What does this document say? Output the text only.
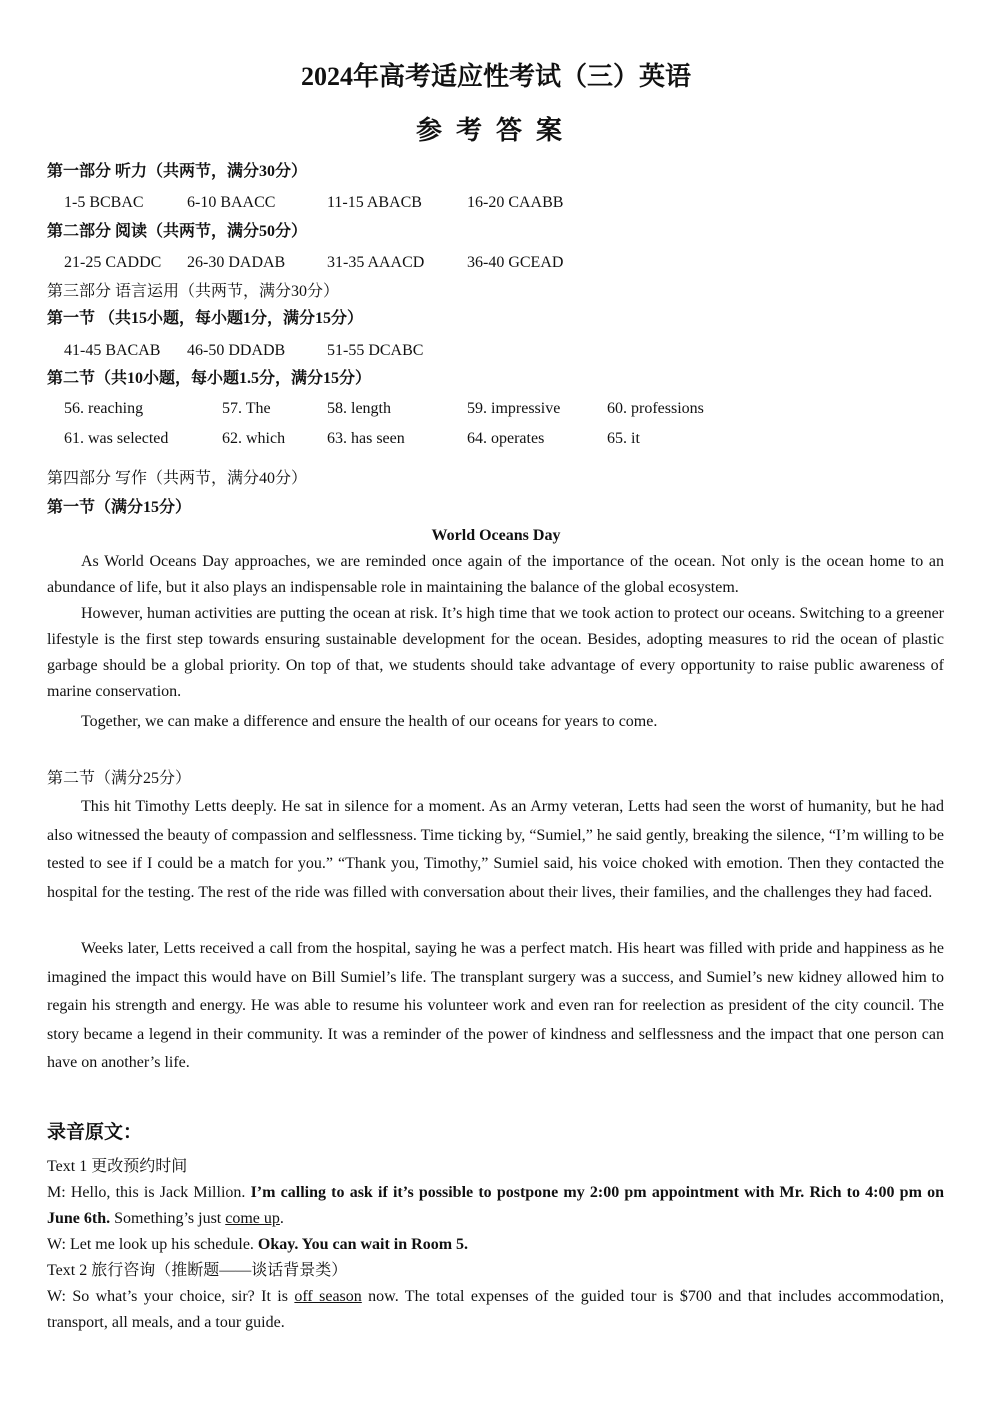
2024年高考适应性考试（三）英语
参考答案
第一部分 听力（共两节，满分30分）
1-5 BCBAC	6-10 BAACC	11-15 ABACB	16-20 CAABB
第二部分 阅读（共两节，满分50分）
21-25 CADDC 26-30 DADAB	31-35 AAACD	36-40 GCEAD
第三部分 语言运用（共两节，满分30分）
第一节 （共15小题，每小题1分，满分15分）
41-45 BACAB 46-50 DDADB	51-55 DCABC
第二节（共10小题，每小题1.5分，满分15分）
56. reaching	57. The	58. length	59. impressive	60. professions
61. was selected	62. which	63. has seen	64. operates	65. it
第四部分 写作（共两节，满分40分）
第一节（满分15分）
World Oceans Day

As World Oceans Day approaches, we are reminded once again of the importance of the ocean. Not only is the ocean home to an abundance of life, but it also plays an indispensable role in maintaining the balance of the global ecosystem.

However, human activities are putting the ocean at risk. It’s high time that we took action to protect our oceans. Switching to a greener lifestyle is the first step towards ensuring sustainable development for the ocean. Besides, adopting measures to rid the ocean of plastic garbage should be a global priority. On top of that, we students should take advantage of every opportunity to raise public awareness of marine conservation.

Together, we can make a difference and ensure the health of our oceans for years to come.

第二节（满分25分）

This hit Timothy Letts deeply. He sat in silence for a moment. As an Army veteran, Letts had seen the worst of humanity, but he had also witnessed the beauty of compassion and selflessness. Time ticking by, “Sumiel,” he said gently, breaking the silence, “I’m willing to be tested to see if I could be a match for you.” “Thank you, Timothy,” Sumiel said, his voice choked with emotion. Then they contacted the hospital for the testing. The rest of the ride was filled with conversation about their lives, their families, and the challenges they had faced.

Weeks later, Letts received a call from the hospital, saying he was a perfect match. His heart was filled with pride and happiness as he imagined the impact this would have on Bill Sumiel’s life. The transplant surgery was a success, and Sumiel’s new kidney allowed him to regain his strength and energy. He was able to resume his volunteer work and even ran for reelection as president of the city council. The story became a legend in their community. It was a reminder of the power of kindness and selflessness and the impact that one person can have on another’s life.

录音原文：
Text 1 更改预约时间

M: Hello, this is Jack Million. I’m calling to ask if it’s possible to postpone my 2:00 pm appointment with Mr. Rich to 4:00 pm on June 6th. Something’s just come up.

W: Let me look up his schedule. Okay. You can wait in Room 5.

Text 2 旅行咨询（推断题——谈话背景类）

W: So what’s your choice, sir? It is off season now. The total expenses of the guided tour is $700 and that includes accommodation, transport, all meals, and a tour guide.
